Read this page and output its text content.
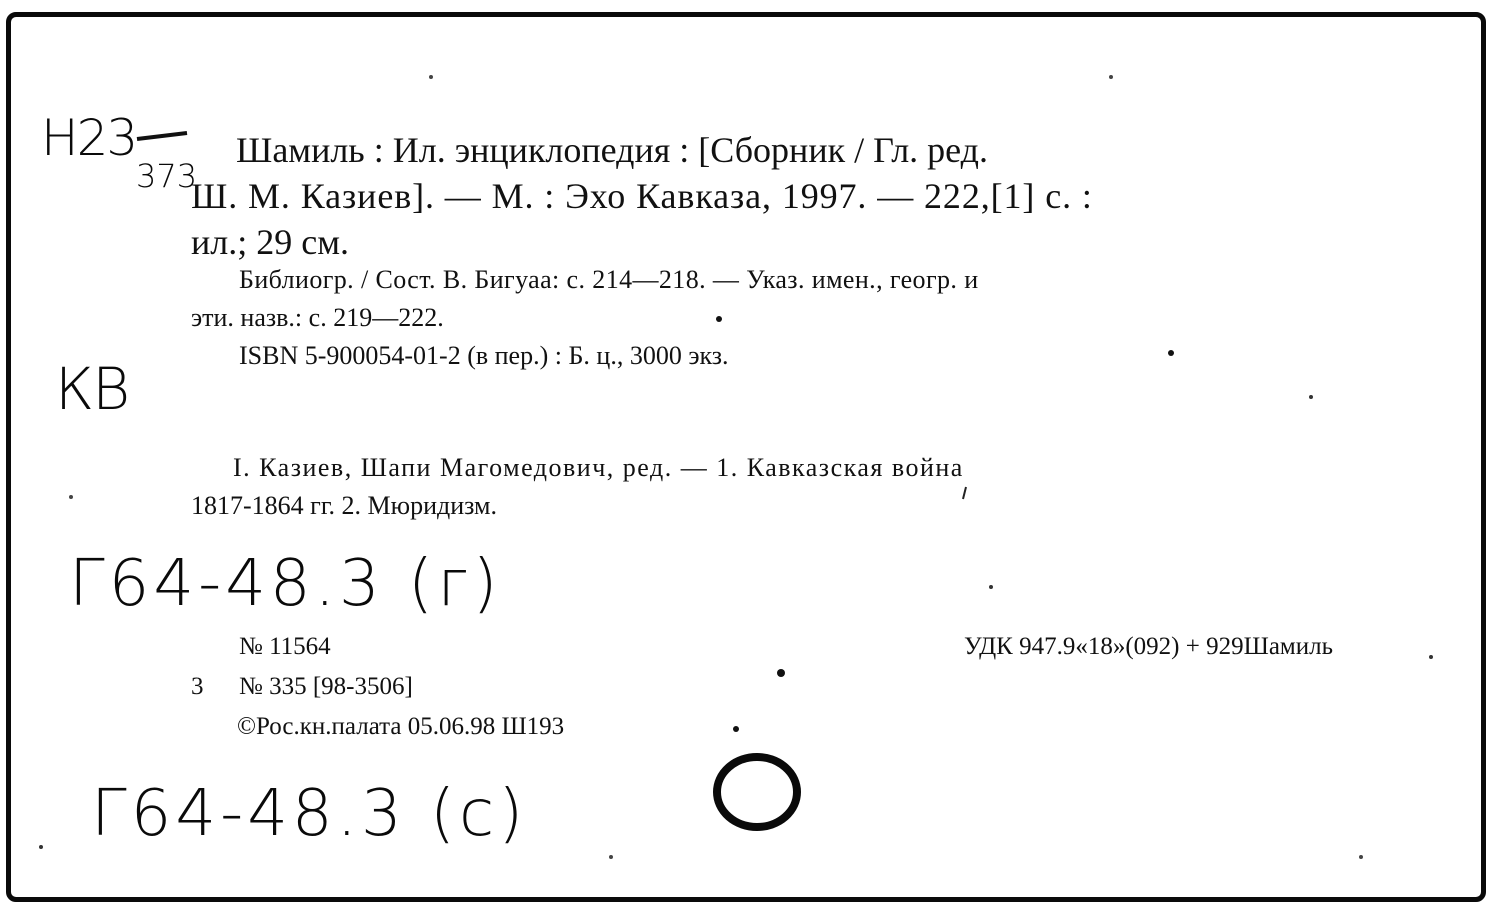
Н23
373
Шамиль : Ил. энциклопедия : [Сборник / Гл. ред.
Ш. М. Казиев]. — М. : Эхо Кавказа, 1997. — 222,[1] с. :
ил.; 29 см.
Библиогр. / Сост. В. Бигуаа: с. 214—218. — Указ. имен., геогр. и
эти. назв.: с. 219—222.
ISBN 5-900054-01-2 (в пер.) : Б. ц., 3000 экз.
КВ
I. Казиев, Шапи Магомедович, ред. — 1. Кавказская война
1817-1864 гг. 2. Мюридизм.
Г64-48.3 (г)
№ 11564	УДК 947.9«18»(092) + 929Шамиль
3 № 335 [98-3506]
©Рос.кн.палата 05.06.98 Ш193
Г64-48.3 (с)
